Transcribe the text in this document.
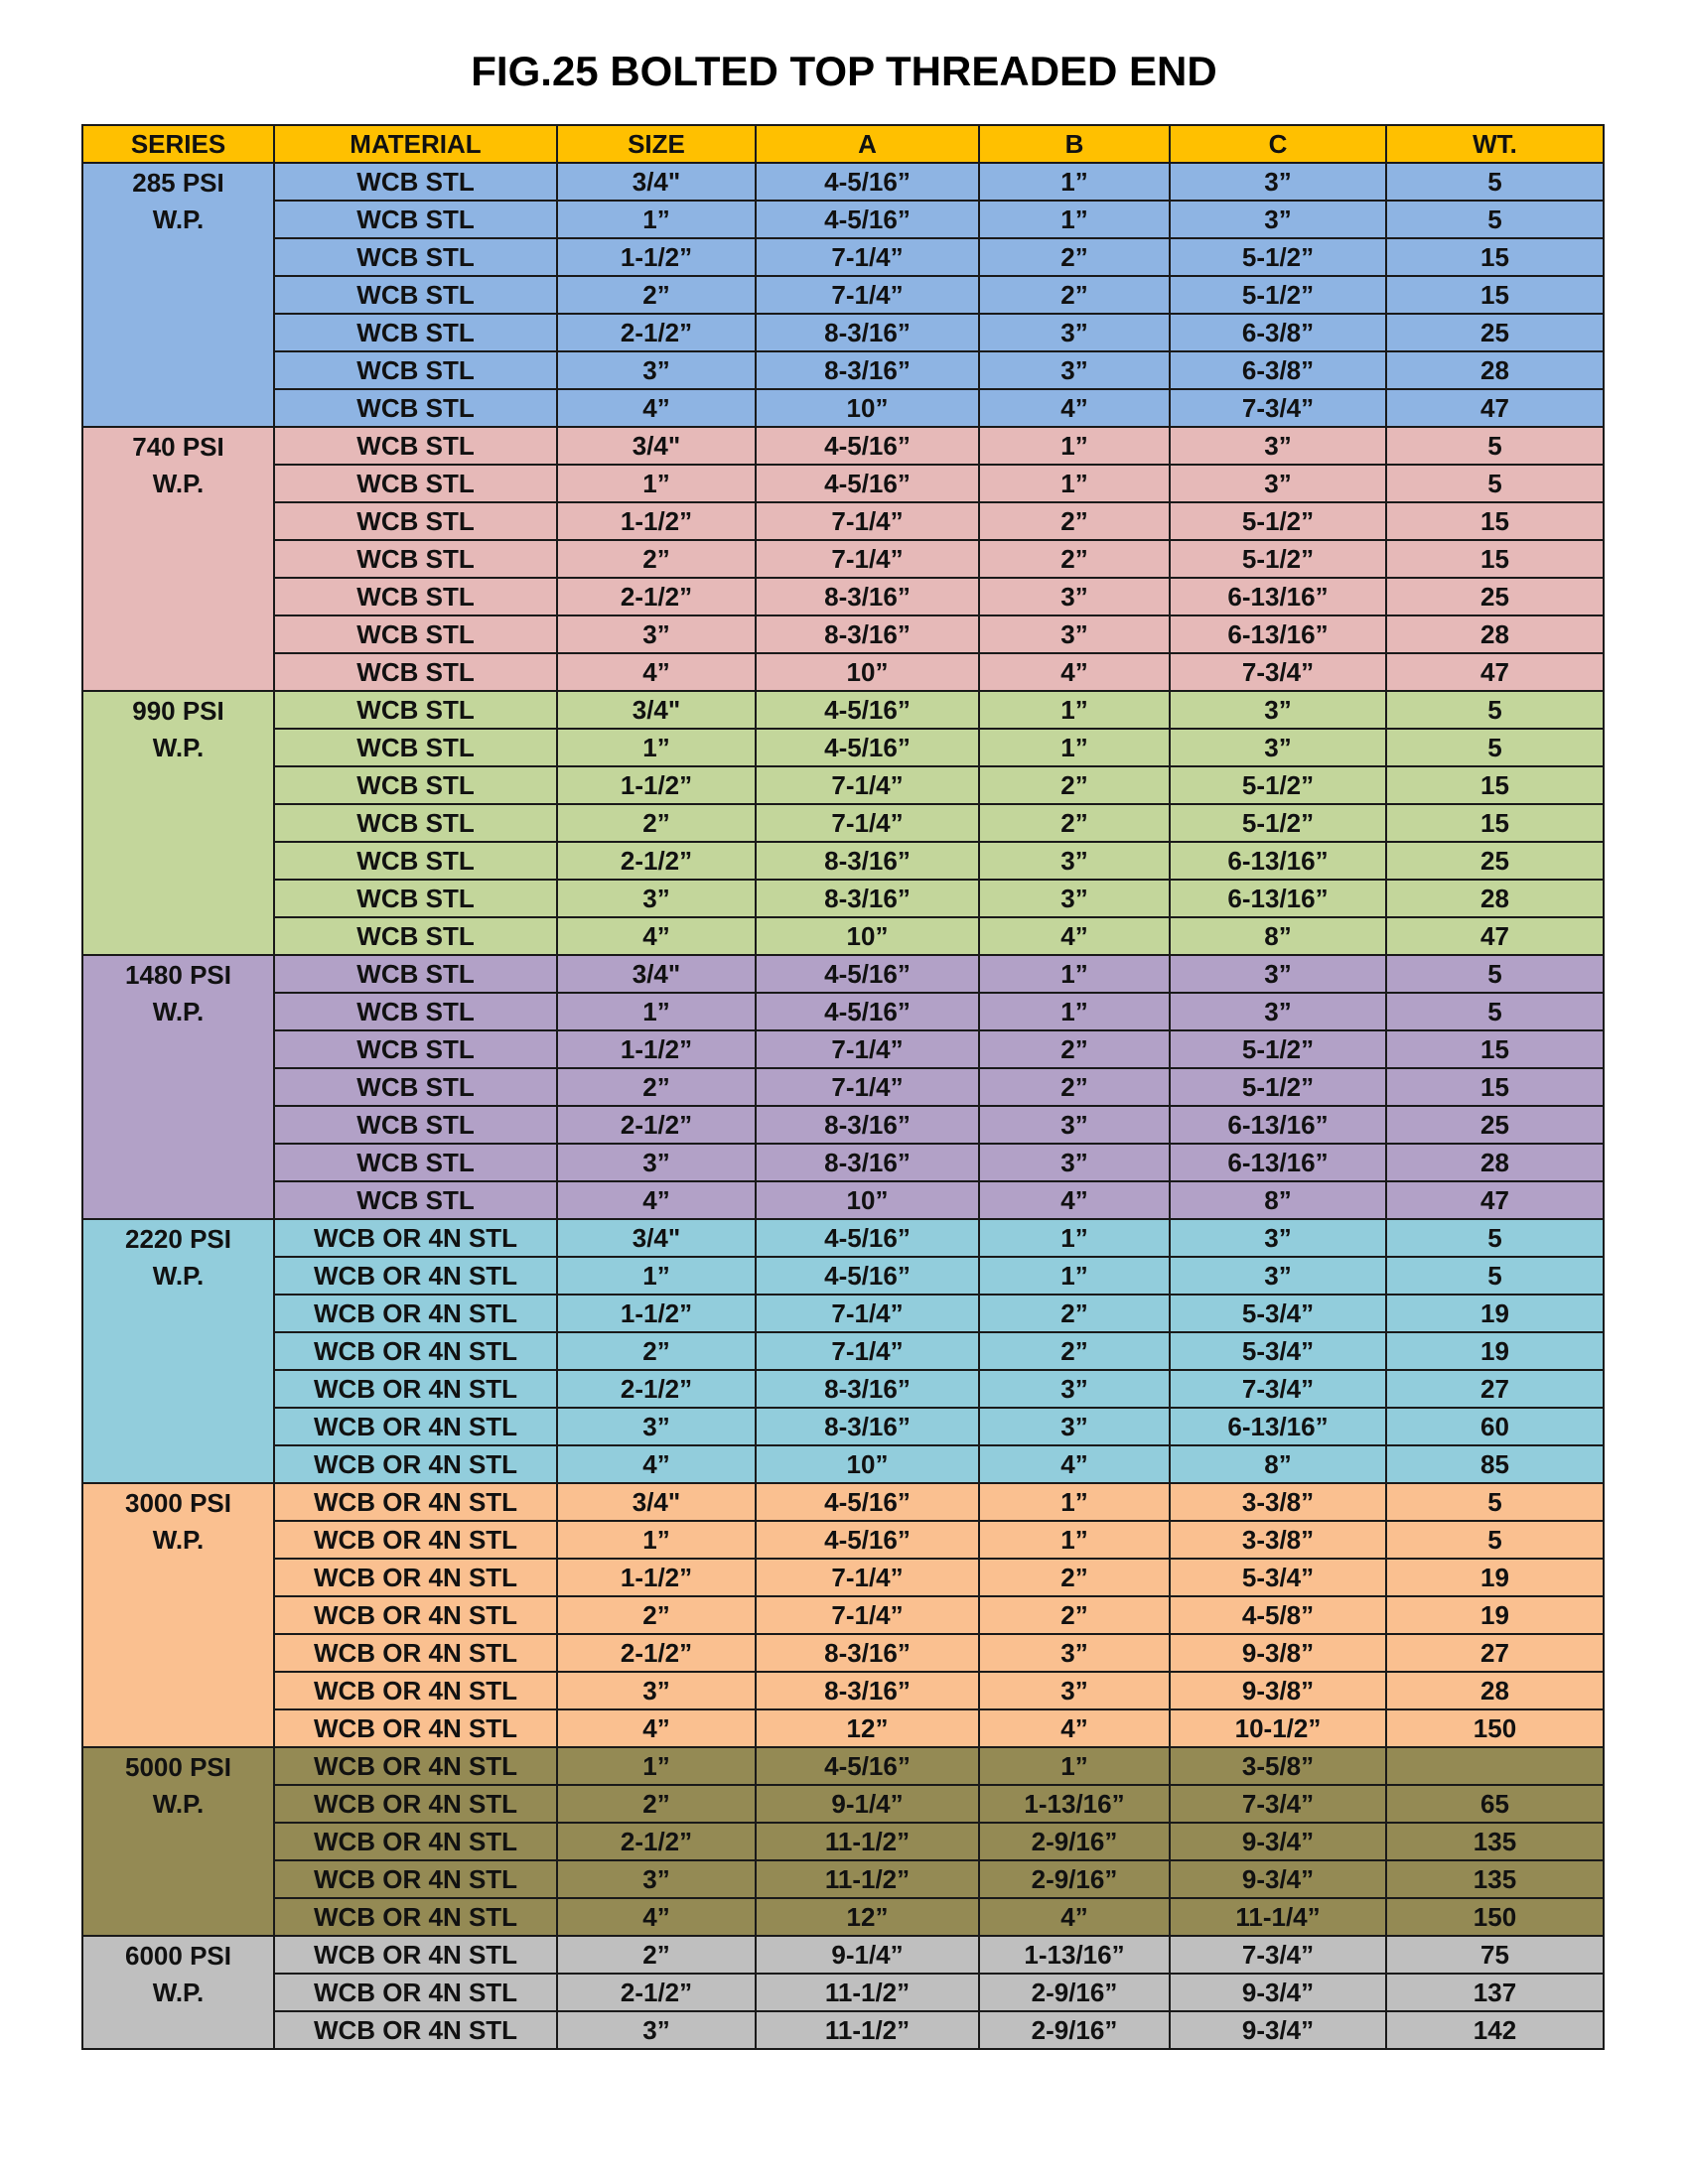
FIG.25 BOLTED TOP THREADED END
SERIES	MATERIAL	SIZE	A	B	C	WT.
285 PSI	WCB STL	3/4"	4-5/16”	1”	3”	5
W.P.	WCB STL	1”	4-5/16”	1”	3”	5
	WCB STL	1-1/2”	7-1/4”	2”	5-1/2”	15
	WCB STL	2”	7-1/4”	2”	5-1/2”	15
	WCB STL	2-1/2”	8-3/16”	3”	6-3/8”	25
	WCB STL	3”	8-3/16”	3”	6-3/8”	28
	WCB STL	4”	10”	4”	7-3/4”	47
740 PSI	WCB STL	3/4"	4-5/16”	1”	3”	5
W.P.	WCB STL	1”	4-5/16”	1”	3”	5
	WCB STL	1-1/2”	7-1/4”	2”	5-1/2”	15
	WCB STL	2”	7-1/4”	2”	5-1/2”	15
	WCB STL	2-1/2”	8-3/16”	3”	6-13/16”	25
	WCB STL	3”	8-3/16”	3”	6-13/16”	28
	WCB STL	4”	10”	4”	7-3/4”	47
990 PSI	WCB STL	3/4"	4-5/16”	1”	3”	5
W.P.	WCB STL	1”	4-5/16”	1”	3”	5
	WCB STL	1-1/2”	7-1/4”	2”	5-1/2”	15
	WCB STL	2”	7-1/4”	2”	5-1/2”	15
	WCB STL	2-1/2”	8-3/16”	3”	6-13/16”	25
	WCB STL	3”	8-3/16”	3”	6-13/16”	28
	WCB STL	4”	10”	4”	8”	47
1480 PSI	WCB STL	3/4"	4-5/16”	1”	3”	5
W.P.	WCB STL	1”	4-5/16”	1”	3”	5
	WCB STL	1-1/2”	7-1/4”	2”	5-1/2”	15
	WCB STL	2”	7-1/4”	2”	5-1/2”	15
	WCB STL	2-1/2”	8-3/16”	3”	6-13/16”	25
	WCB STL	3”	8-3/16”	3”	6-13/16”	28
	WCB STL	4”	10”	4”	8”	47
2220 PSI	WCB OR 4N STL	3/4"	4-5/16”	1”	3”	5
W.P.	WCB OR 4N STL	1”	4-5/16”	1”	3”	5
	WCB OR 4N STL	1-1/2”	7-1/4”	2”	5-3/4”	19
	WCB OR 4N STL	2”	7-1/4”	2”	5-3/4”	19
	WCB OR 4N STL	2-1/2”	8-3/16”	3”	7-3/4”	27
	WCB OR 4N STL	3”	8-3/16”	3”	6-13/16”	60
	WCB OR 4N STL	4”	10”	4”	8”	85
3000 PSI	WCB OR 4N STL	3/4"	4-5/16”	1”	3-3/8”	5
W.P.	WCB OR 4N STL	1”	4-5/16”	1”	3-3/8”	5
	WCB OR 4N STL	1-1/2”	7-1/4”	2”	5-3/4”	19
	WCB OR 4N STL	2”	7-1/4”	2”	4-5/8”	19
	WCB OR 4N STL	2-1/2”	8-3/16”	3”	9-3/8”	27
	WCB OR 4N STL	3”	8-3/16”	3”	9-3/8”	28
	WCB OR 4N STL	4”	12”	4”	10-1/2”	150
5000 PSI	WCB OR 4N STL	1”	4-5/16”	1”	3-5/8”	
W.P.	WCB OR 4N STL	2”	9-1/4”	1-13/16”	7-3/4”	65
	WCB OR 4N STL	2-1/2”	11-1/2”	2-9/16”	9-3/4”	135
	WCB OR 4N STL	3”	11-1/2”	2-9/16”	9-3/4”	135
	WCB OR 4N STL	4”	12”	4”	11-1/4”	150
6000 PSI	WCB OR 4N STL	2”	9-1/4”	1-13/16”	7-3/4”	75
W.P.	WCB OR 4N STL	2-1/2”	11-1/2”	2-9/16”	9-3/4”	137
	WCB OR 4N STL	3”	11-1/2”	2-9/16”	9-3/4”	142
